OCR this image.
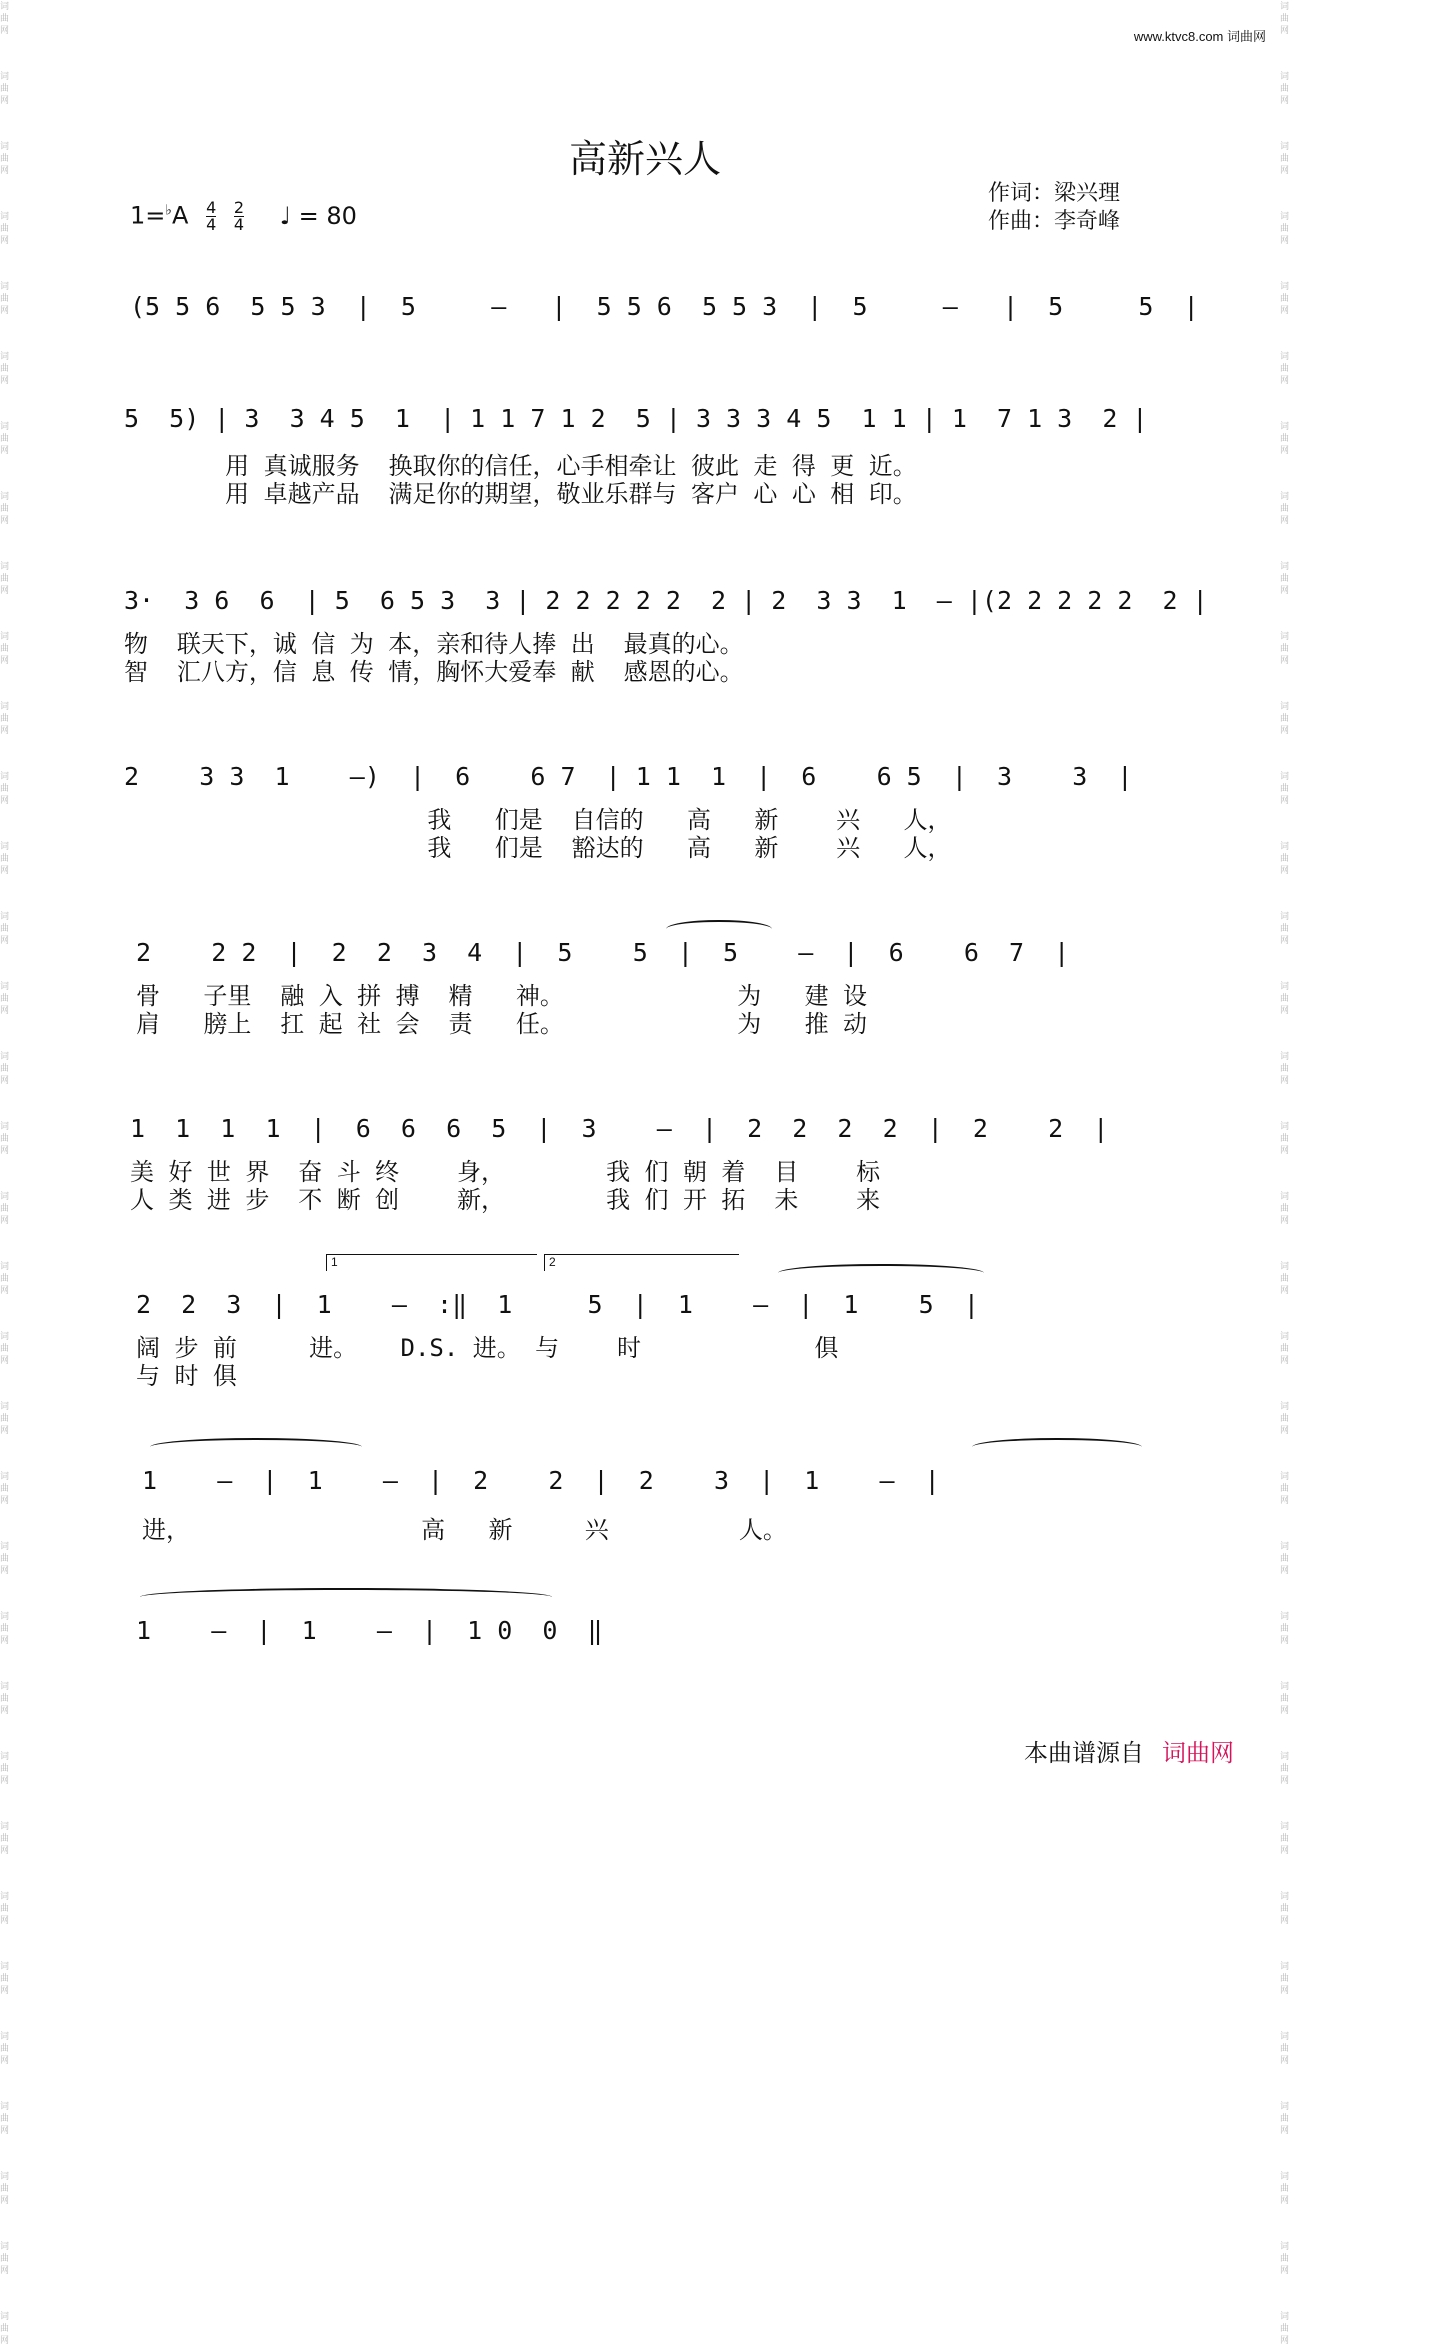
词曲网
词曲网
词曲网
词曲网
词曲网
词曲网
词曲网
词曲网
词曲网
词曲网
词曲网
词曲网
词曲网
词曲网
词曲网
词曲网
词曲网
词曲网
词曲网
词曲网
词曲网
词曲网
词曲网
词曲网
词曲网
词曲网
词曲网
词曲网
词曲网
词曲网
词曲网
词曲网
词曲网
词曲网
词曲网
词曲网
词曲网
词曲网
词曲网
词曲网
词曲网
词曲网
词曲网
词曲网
词曲网
词曲网
词曲网
词曲网
词曲网
词曲网
词曲网
词曲网
词曲网
词曲网
词曲网
词曲网
词曲网
词曲网
词曲网
词曲网
词曲网
词曲网
词曲网
词曲网
词曲网
词曲网
词曲网
词曲网
www.ktvc8.com 词曲网
高新兴人
作词：梁兴理
作曲：李奇峰
$1=^♭A \frac{4}{4} \frac{2}{4}$ ♩ = 80
(5 5 6  5 5 3  |  5     —   |  5 5 6  5 5 3  |  5     —   |  5     5  |
5  5) | 3  3 4 5  1  | 1 1 7 1 2  5 | 3 3 3 4 5  1 1 | 1  7 1 3  2 |
用 真诚服务  换取你的信任，心手相牵让 彼此 走 得 更 近。
用 卓越产品  满足你的期望，敬业乐群与 客户 心 心 相 印。
3·  3 6  6  | 5  6 5 3  3 | 2 2 2 2 2  2 | 2  3 3  1  — |(2 2 2 2 2  2 |
物  联天下，诚 信 为 本，亲和待人捧 出  最真的心。
智  汇八方，信 息 传 情，胸怀大爱奉 献  感恩的心。
2    3 3  1    —)  |  6    6 7  | 1 1  1  |  6    6 5  |  3    3  |
我   们是  自信的   高   新    兴   人，
我   们是  豁达的   高   新    兴   人，
2    2 2  |  2  2  3  4  |  5    5  |  5    —  |  6    6  7  |
骨   子里  融 入 拼 搏  精   神。            为   建 设
肩   膀上  扛 起 社 会  责   任。            为   推 动
1  1  1  1  |  6  6  6  5  |  3    —  |  2  2  2  2  |  2    2  |
美 好 世 界  奋 斗 终    身，       我 们 朝 着  目    标
人 类 进 步  不 断 创    新，       我 们 开 拓  未    来
1	2
2  2  3  |  1    —  :‖  1     5  |  1    —  |  1    5  |
阔 步 前     进。   D.S. 进。 与    时            俱
与 时 俱
1    —  |  1    —  |  2    2  |  2    3  |  1    —  |
进，                高   新     兴         人。
1    —  |  1    —  |  1 0  0  ‖
本曲谱源自 词曲网
